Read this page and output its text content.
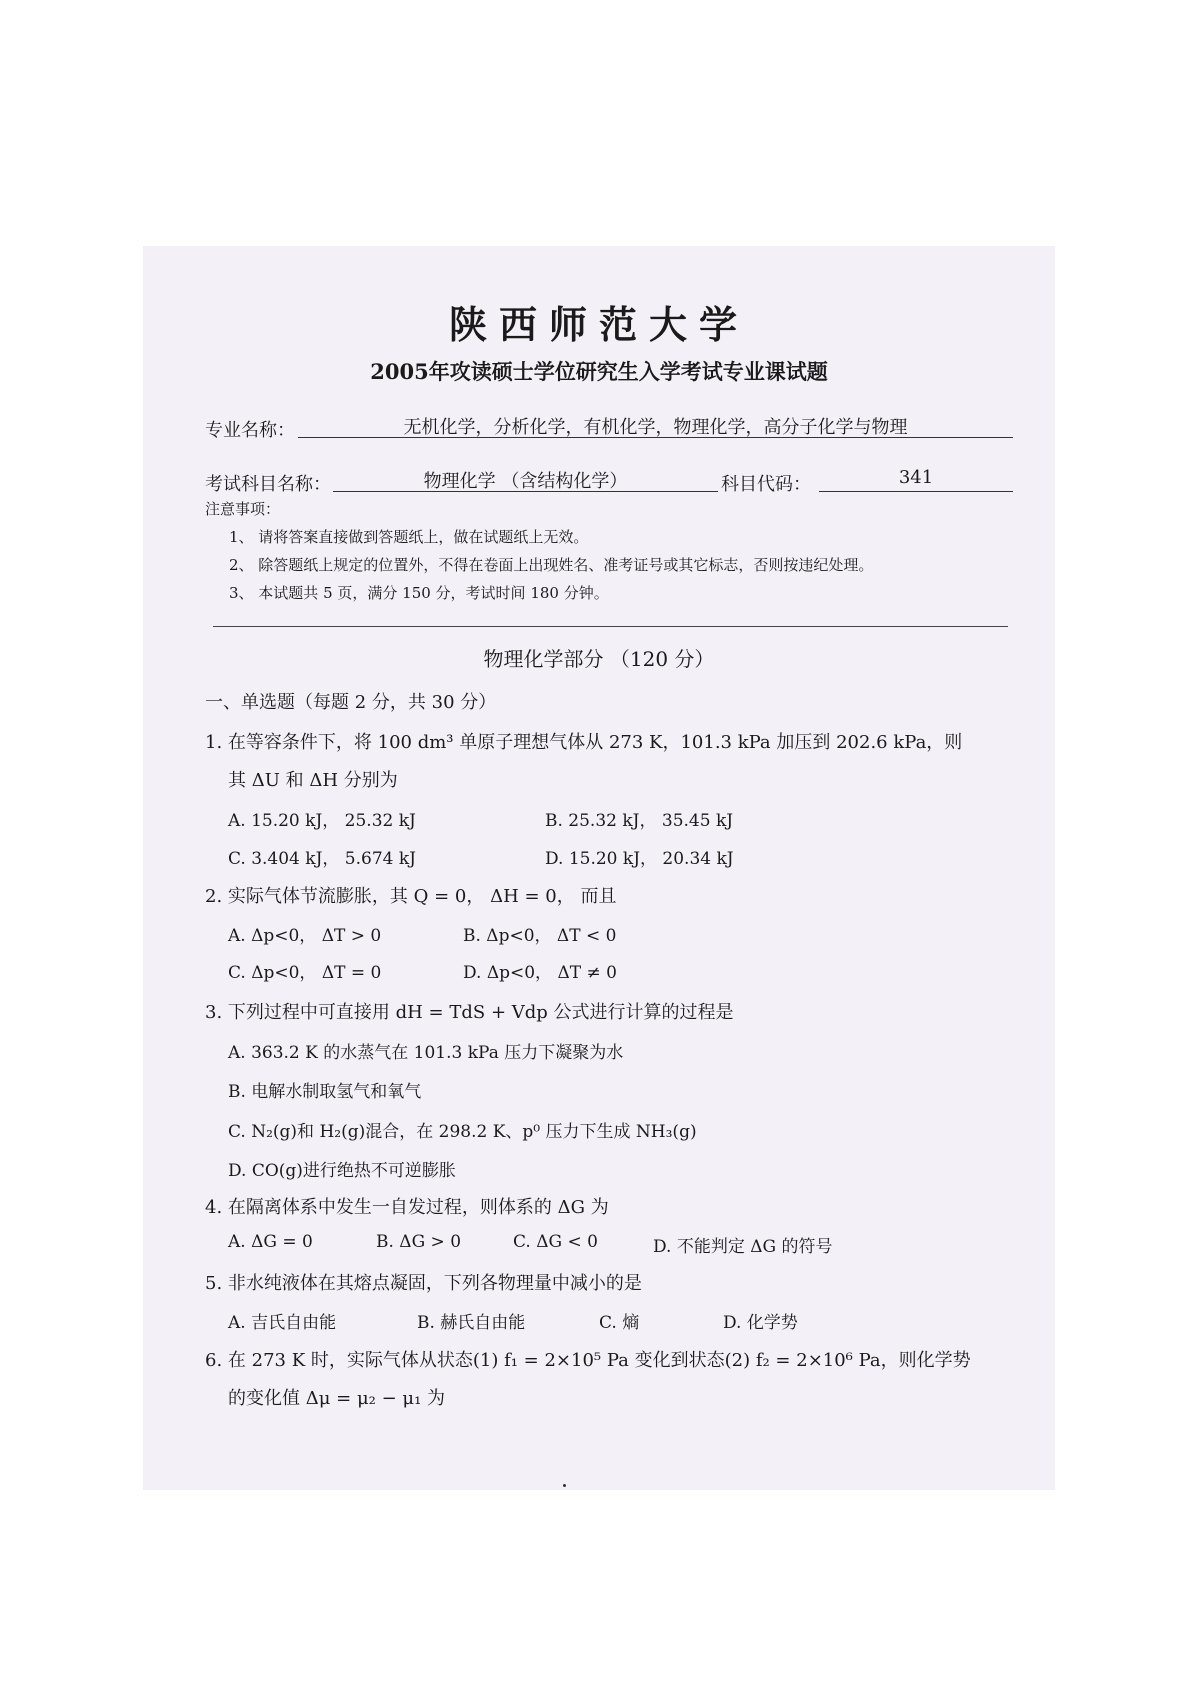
陕西师范大学
2005年攻读硕士学位研究生入学考试专业课试题
专业名称：	无机化学，分析化学，有机化学，物理化学，高分子化学与物理
考试科目名称：	物理化学 （含结构化学）	科目代码：	341
注意事项：
1、 请将答案直接做到答题纸上，做在试题纸上无效。
2、 除答题纸上规定的位置外，不得在卷面上出现姓名、准考证号或其它标志，否则按违纪处理。
3、 本试题共 5 页，满分 150 分，考试时间 180 分钟。
物理化学部分 （120 分）
一、单选题（每题 2 分，共 30 分）
1. 在等容条件下，将 100 dm³ 单原子理想气体从 273 K，101.3 kPa 加压到 202.6 kPa，则
其 ΔU 和 ΔH 分别为
A. 15.20 kJ， 25.32 kJ	B. 25.32 kJ， 35.45 kJ
C. 3.404 kJ， 5.674 kJ	D. 15.20 kJ， 20.34 kJ
2. 实际气体节流膨胀，其 Q = 0， ΔH = 0， 而且
A. Δp<0， ΔT > 0	B. Δp<0， ΔT < 0
C. Δp<0， ΔT = 0	D. Δp<0， ΔT ≠ 0
3. 下列过程中可直接用 dH = TdS + Vdp 公式进行计算的过程是
A. 363.2 K 的水蒸气在 101.3 kPa 压力下凝聚为水
B. 电解水制取氢气和氧气
C. N₂(g)和 H₂(g)混合，在 298.2 K、p⁰ 压力下生成 NH₃(g)
D. CO(g)进行绝热不可逆膨胀
4. 在隔离体系中发生一自发过程，则体系的 ΔG 为
A. ΔG = 0	B. ΔG > 0	C. ΔG < 0	D. 不能判定 ΔG 的符号
5. 非水纯液体在其熔点凝固，下列各物理量中减小的是
A. 吉氏自由能	B. 赫氏自由能	C. 熵	D. 化学势
6. 在 273 K 时，实际气体从状态(1) f₁ = 2×10⁵ Pa 变化到状态(2) f₂ = 2×10⁶ Pa，则化学势
的变化值 Δμ = μ₂ − μ₁ 为
